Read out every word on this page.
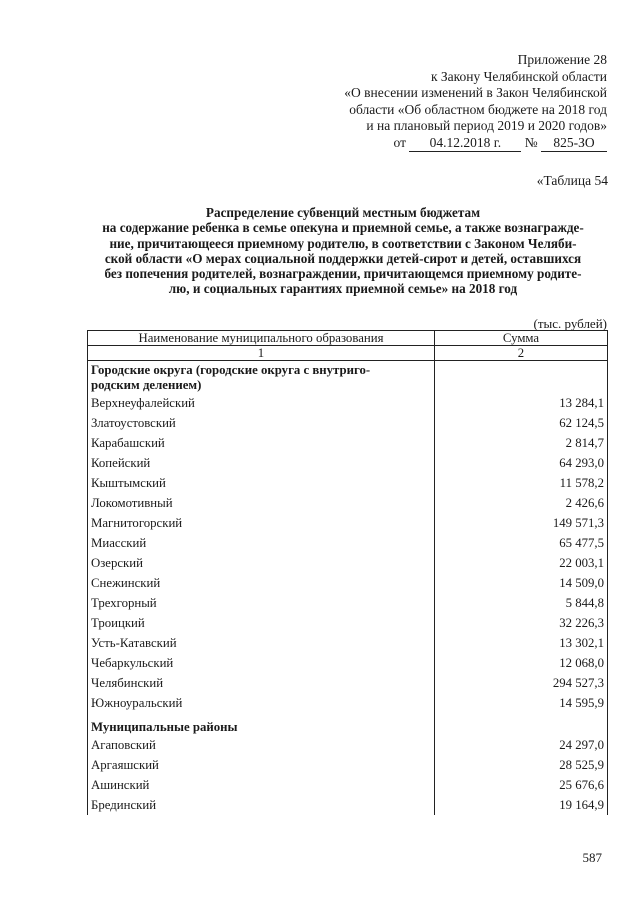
Приложение 28
к Закону Челябинской области
«О внесении изменений в Закон Челябинской
области «Об областном бюджете на 2018 год
и на плановый период 2019 и 2020 годов»
от 04.12.2018 г. № 825-ЗО
«Таблица 54
Распределение субвенций местным бюджетам
на содержание ребенка в семье опекуна и приемной семье, а также вознагражде-
ние, причитающееся приемному родителю, в соответствии с Законом Челяби-
ской области «О мерах социальной поддержки детей-сирот и детей, оставшихся
без попечения родителей, вознаграждении, причитающемся приемному родите-
лю, и социальных гарантиях приемной семье» на 2018 год
(тыс. рублей)
Наименование муниципального образования	Сумма
1	2
Городские округа (городские округа с внутриго-
родским делением)	
Верхнеуфалейский	13 284,1
Златоустовский	62 124,5
Карабашский	2 814,7
Копейский	64 293,0
Кыштымский	11 578,2
Локомотивный	2 426,6
Магнитогорский	149 571,3
Миасский	65 477,5
Озерский	22 003,1
Снежинский	14 509,0
Трехгорный	5 844,8
Троицкий	32 226,3
Усть-Катавский	13 302,1
Чебаркульский	12 068,0
Челябинский	294 527,3
Южноуральский	14 595,9
Муниципальные районы	
Агаповский	24 297,0
Аргаяшский	28 525,9
Ашинский	25 676,6
Брединский	19 164,9
587
